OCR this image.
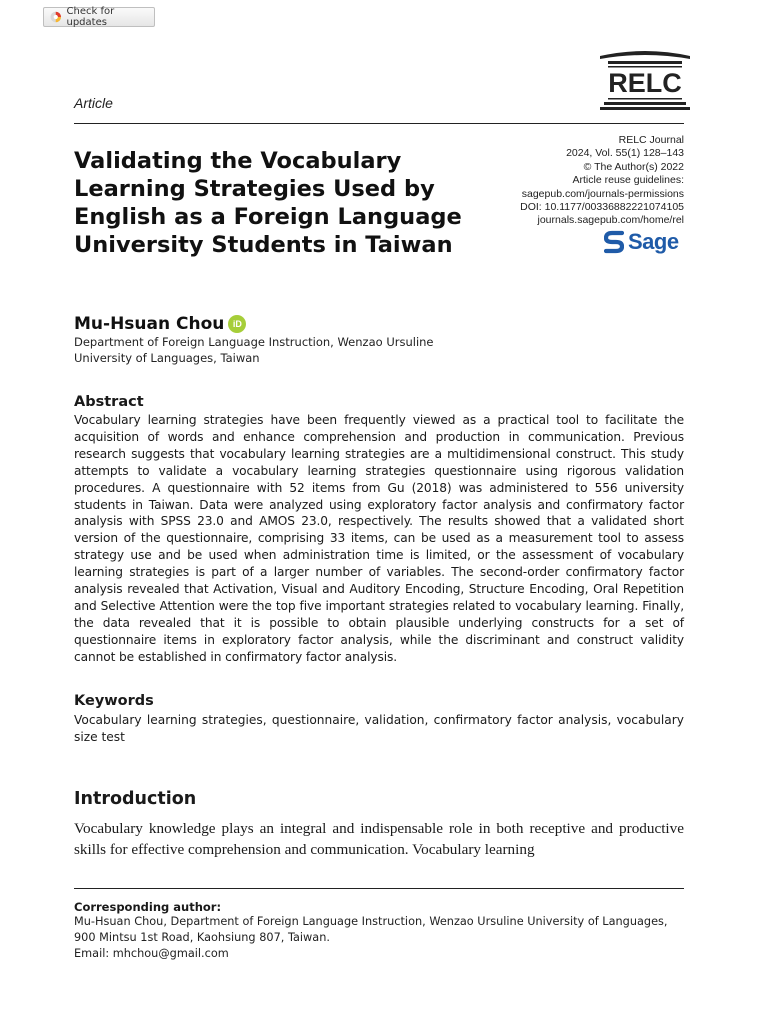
Check for updates
Article
RELC
RELC Journal
2024, Vol. 55(1) 128–143
© The Author(s) 2022
Article reuse guidelines:
sagepub.com/journals-permissions
DOI: 10.1177/00336882221074105
journals.sagepub.com/home/rel
Sage
Validating the Vocabulary
Learning Strategies Used by
English as a Foreign Language
University Students in Taiwan
Mu-Hsuan Chou iD
Department of Foreign Language Instruction, Wenzao Ursuline
University of Languages, Taiwan
Abstract
Vocabulary learning strategies have been frequently viewed as a practical tool to facilitate the acquisition of words and enhance comprehension and production in communication. Previous research suggests that vocabulary learning strategies are a multidimensional construct. This study attempts to validate a vocabulary learning strategies questionnaire using rigorous validation procedures. A questionnaire with 52 items from Gu (2018) was administered to 556 university students in Taiwan. Data were analyzed using exploratory factor analysis and confirmatory factor analysis with SPSS 23.0 and AMOS 23.0, respectively. The results showed that a validated short version of the questionnaire, comprising 33 items, can be used as a measurement tool to assess strategy use and be used when administration time is limited, or the assessment of vocabulary learning strategies is part of a larger number of variables. The second-order confirmatory factor analysis revealed that Activation, Visual and Auditory Encoding, Structure Encoding, Oral Repetition and Selective Attention were the top five important strategies related to vocabulary learning. Finally, the data revealed that it is possible to obtain plausible underlying constructs for a set of questionnaire items in exploratory factor analysis, while the discriminant and construct validity cannot be established in confirmatory factor analysis.
Keywords
Vocabulary learning strategies, questionnaire, validation, confirmatory factor analysis, vocabulary size test
Introduction
Vocabulary knowledge plays an integral and indispensable role in both receptive and productive skills for effective comprehension and communication. Vocabulary learning
Corresponding author:
Mu-Hsuan Chou, Department of Foreign Language Instruction, Wenzao Ursuline University of Languages, 900 Mintsu 1st Road, Kaohsiung 807, Taiwan.
Email: mhchou@gmail.com
